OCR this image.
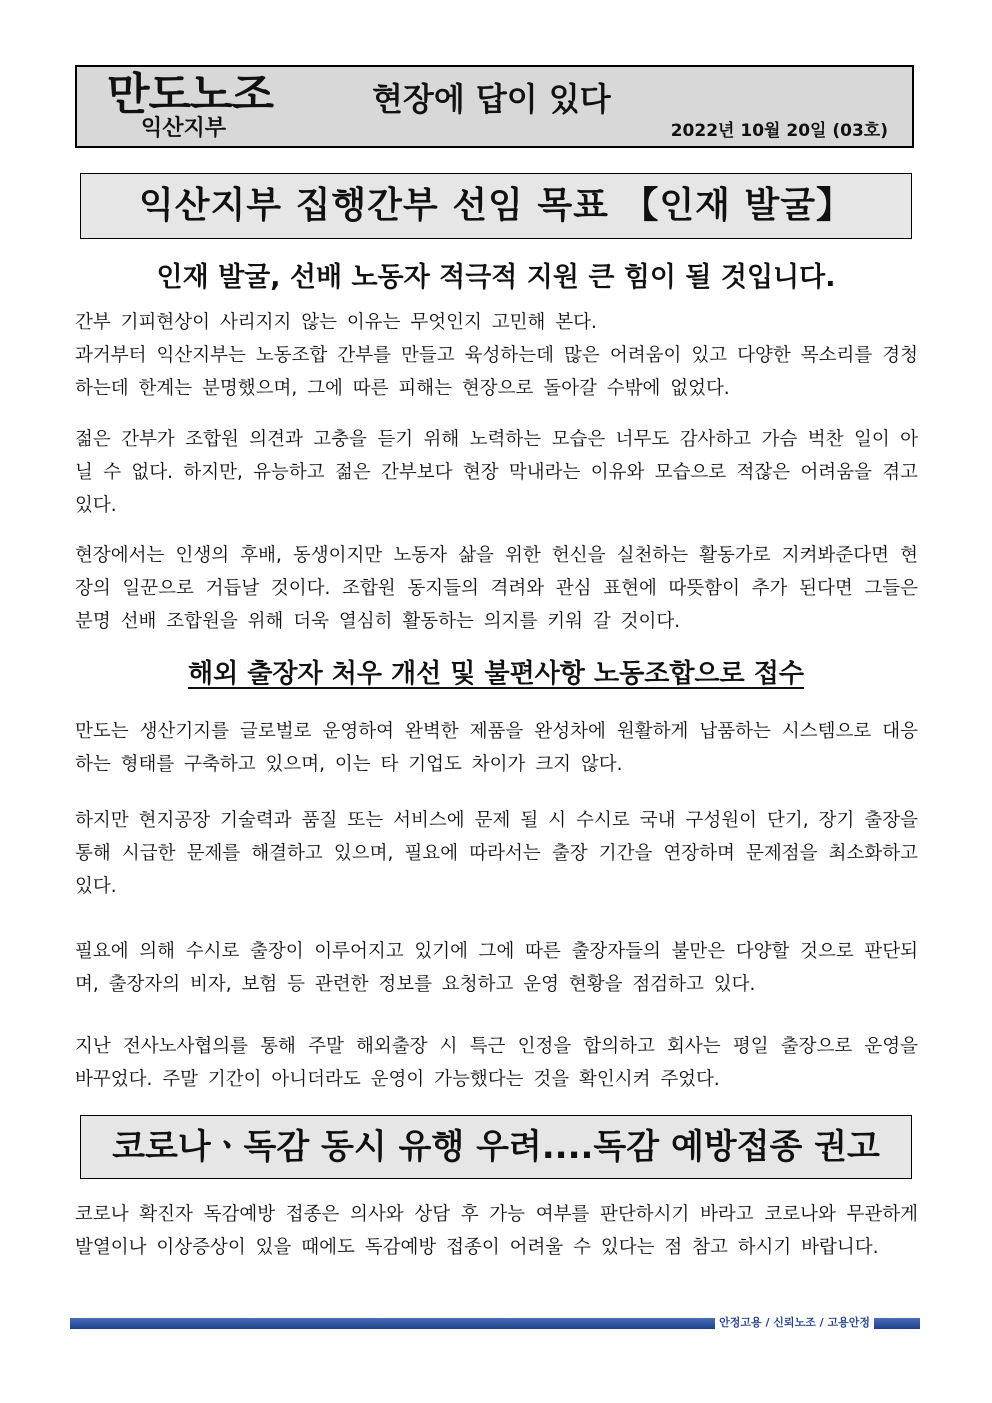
만도노조
익산지부
현장에 답이 있다
2022년 10월 20일 (03호)
익산지부 집행간부 선임 목표 【인재 발굴】
인재 발굴, 선배 노동자 적극적 지원 큰 힘이 될 것입니다.

간부 기피현상이 사리지지 않는 이유는 무엇인지 고민해 본다.

과거부터 익산지부는 노동조합 간부를 만들고 육성하는데 많은 어려움이 있고 다양한 목소리를 경청하는데 한계는 분명했으며, 그에 따른 피해는 현장으로 돌아갈 수밖에 없었다.

젊은 간부가 조합원 의견과 고충을 듣기 위해 노력하는 모습은 너무도 감사하고 가슴 벅찬 일이 아닐 수 없다. 하지만, 유능하고 젊은 간부보다 현장 막내라는 이유와 모습으로 적잖은 어려움을 겪고 있다.

현장에서는 인생의 후배, 동생이지만 노동자 삶을 위한 헌신을 실천하는 활동가로 지켜봐준다면 현장의 일꾼으로 거듭날 것이다. 조합원 동지들의 격려와 관심 표현에 따뜻함이 추가 된다면 그들은 분명 선배 조합원을 위해 더욱 열심히 활동하는 의지를 키워 갈 것이다.

해외 출장자 처우 개선 및 불편사항 노동조합으로 접수

만도는 생산기지를 글로벌로 운영하여 완벽한 제품을 완성차에 원활하게 납품하는 시스템으로 대응하는 형태를 구축하고 있으며, 이는 타 기업도 차이가 크지 않다.

하지만 현지공장 기술력과 품질 또는 서비스에 문제 될 시 수시로 국내 구성원이 단기, 장기 출장을 통해 시급한 문제를 해결하고 있으며, 필요에 따라서는 출장 기간을 연장하며 문제점을 최소화하고 있다.

필요에 의해 수시로 출장이 이루어지고 있기에 그에 따른 출장자들의 불만은 다양할 것으로 판단되며, 출장자의 비자, 보험 등 관련한 정보를 요청하고 운영 현황을 점검하고 있다.

지난 전사노사협의를 통해 주말 해외출장 시 특근 인정을 합의하고 회사는 평일 출장으로 운영을 바꾸었다. 주말 기간이 아니더라도 운영이 가능했다는 것을 확인시켜 주었다.

코로나ㆍ독감 동시 유행 우려....독감 예방접종 권고

코로나 확진자 독감예방 접종은 의사와 상담 후 가능 여부를 판단하시기 바라고 코로나와 무관하게 발열이나 이상증상이 있을 때에도 독감예방 접종이 어려울 수 있다는 점 참고 하시기 바랍니다.

안정고용 / 신뢰노조 / 고용안정
